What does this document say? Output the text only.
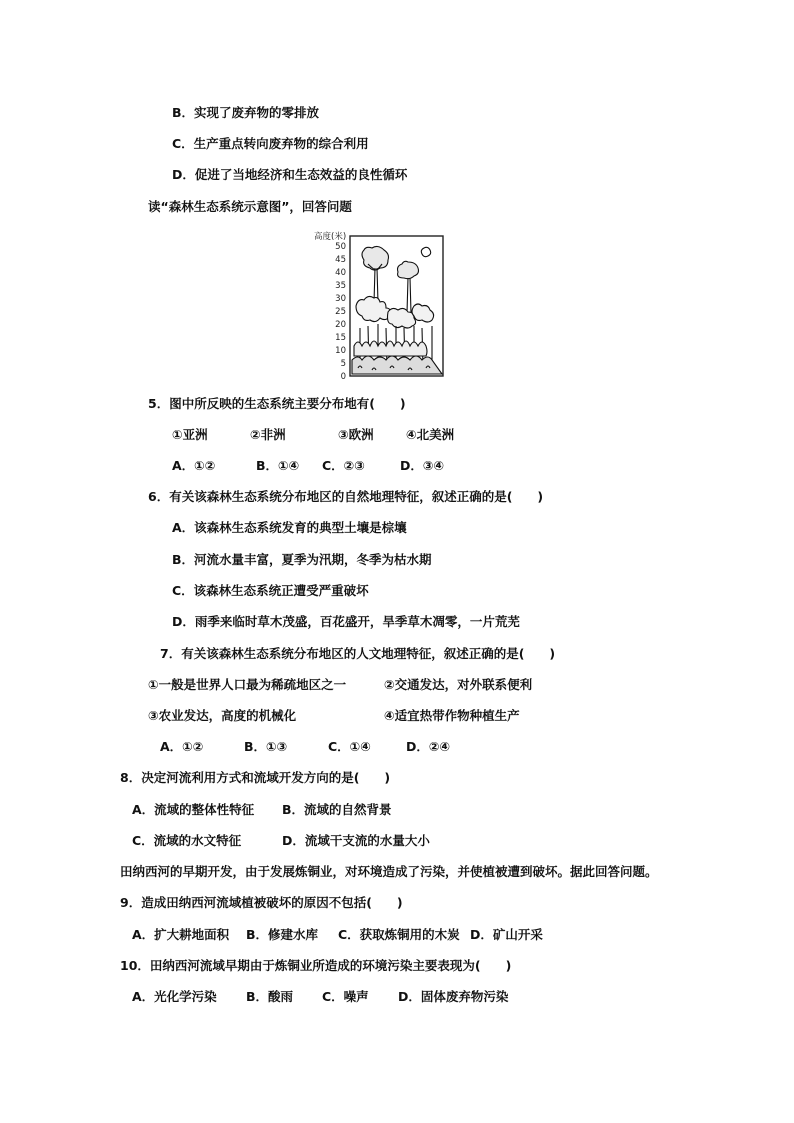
B．实现了废弃物的零排放
C．生产重点转向废弃物的综合利用
D．促进了当地经济和生态效益的良性循环
读“森林生态系统示意图”，回答问题
高度(米)
50
45
40
35
30
25
20
15
10
5
0
5．图中所反映的生态系统主要分布地有(　　)
①亚洲	②非洲	③欧洲	④北美洲
A．①②	B．①④ C．②③	D．③④
6．有关该森林生态系统分布地区的自然地理特征，叙述正确的是(　　)
A．该森林生态系统发育的典型土壤是棕壤
B．河流水量丰富，夏季为汛期，冬季为枯水期
C．该森林生态系统正遭受严重破坏
D．雨季来临时草木茂盛，百花盛开，旱季草木凋零，一片荒芜
7．有关该森林生态系统分布地区的人文地理特征，叙述正确的是(　　)
①一般是世界人口最为稀疏地区之一	②交通发达，对外联系便利
③农业发达，高度的机械化	④适宜热带作物种植生产
A．①②	B．①③	C．①④	D．②④
8．决定河流利用方式和流域开发方向的是(　　)
A．流域的整体性特征 B．流域的自然背景
C．流域的水文特征	D．流域干支流的水量大小
田纳西河的早期开发，由于发展炼铜业，对环境造成了污染，并使植被遭到破坏。据此回答问题。
9．造成田纳西河流域植被破坏的原因不包括(　　)
A．扩大耕地面积 B．修建水库 C．获取炼铜用的木炭 D．矿山开采
10．田纳西河流域早期由于炼铜业所造成的环境污染主要表现为(　　)
A．光化学污染 B．酸雨 C．噪声 D．固体废弃物污染
